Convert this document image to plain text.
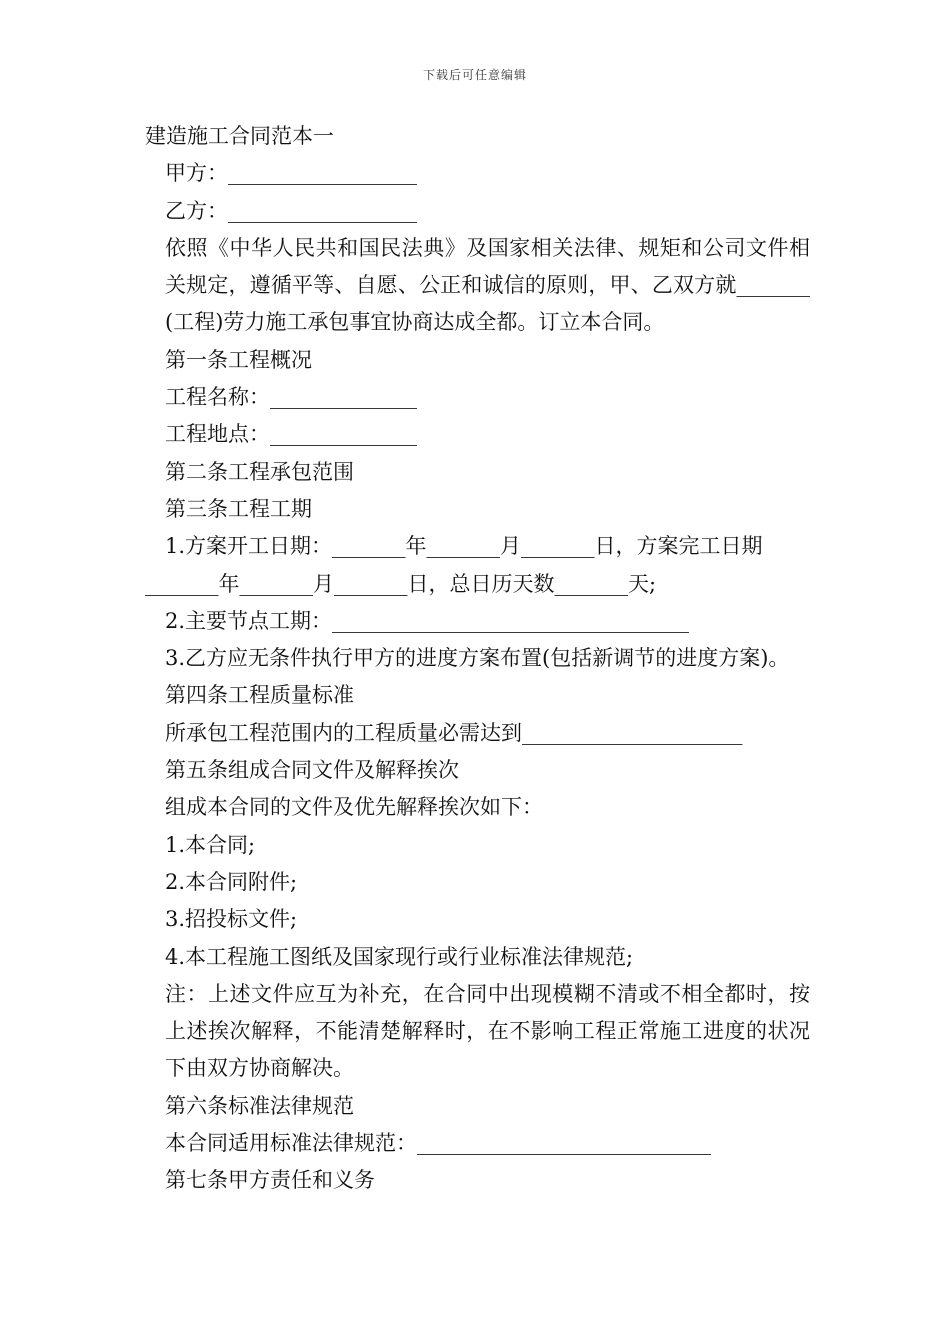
下载后可任意编辑
建造施工合同范本一
甲方：__________________
乙方：__________________
依照《中华人民共和国民法典》及国家相关法律、规矩和公司文件相关规定，遵循平等、自愿、公正和诚信的原则，甲、乙双方就_______(工程)劳力施工承包事宜协商达成全都。订立本合同。
第一条工程概况
工程名称：______________
工程地点：______________
第二条工程承包范围
第三条工程工期
1.方案开工日期：_______年_______月_______日，方案完工日期
_______年_______月_______日，总日历天数_______天;
2.主要节点工期：__________________________________
3.乙方应无条件执行甲方的进度方案布置(包括新调节的进度方案)。
第四条工程质量标准
所承包工程范围内的工程质量必需达到_____________________
第五条组成合同文件及解释挨次
组成本合同的文件及优先解释挨次如下：
1.本合同;
2.本合同附件;
3.招投标文件;
4.本工程施工图纸及国家现行或行业标准法律规范;
注：上述文件应互为补充，在合同中出现模糊不清或不相全都时，按上述挨次解释，不能清楚解释时，在不影响工程正常施工进度的状况下由双方协商解决。
第六条标准法律规范
本合同适用标准法律规范：____________________________
第七条甲方责任和义务
